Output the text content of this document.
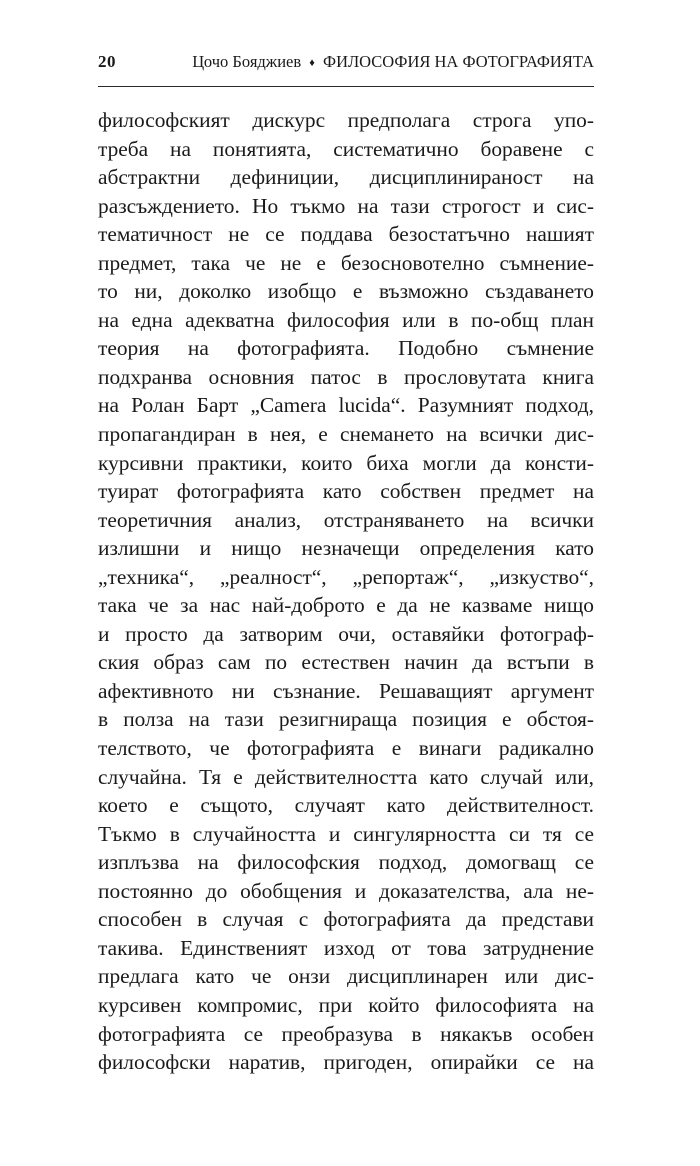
20	Цочо Бояджиев ♦ ФИЛОСОФИЯ НА ФОТОГРАФИЯТА
философският дискурс предполага строга упо-
треба на понятията, систематично боравене с
абстрактни дефиниции, дисциплинираност на
разсъждението. Но тъкмо на тази строгост и сис-
тематичност не се поддава безостатъчно нашият
предмет, така че не е безосновотелно съмнение-
то ни, доколко изобщо е възможно създаването
на една адекватна философия или в по-общ план
теория на фотографията. Подобно съмнение
подхранва основния патос в прословутата книга
на Ролан Барт „Camera lucida“. Разумният подход,
пропагандиран в нея, е снемането на всички дис-
курсивни практики, които биха могли да консти-
туират фотографията като собствен предмет на
теоретичния анализ, отстраняването на всички
излишни и нищо незначещи определения като
„техника“, „реалност“, „репортаж“, „изкуство“,
така че за нас най-доброто е да не казваме нищо
и просто да затворим очи, оставяйки фотограф-
ския образ сам по естествен начин да встъпи в
афективното ни съзнание. Решаващият аргумент
в полза на тази резигнираща позиция е обстоя-
телството, че фотографията е винаги радикално
случайна. Тя е действителността като случай или,
което е същото, случаят като действителност.
Тъкмо в случайността и сингулярността си тя се
изплъзва на философския подход, домогващ се
постоянно до обобщения и доказателства, ала не-
способен в случая с фотографията да представи
такива. Единственият изход от това затруднение
предлага като че онзи дисциплинарен или дис-
курсивен компромис, при който философията на
фотографията се преобразува в някакъв особен
философски наратив, пригоден, опирайки се на
